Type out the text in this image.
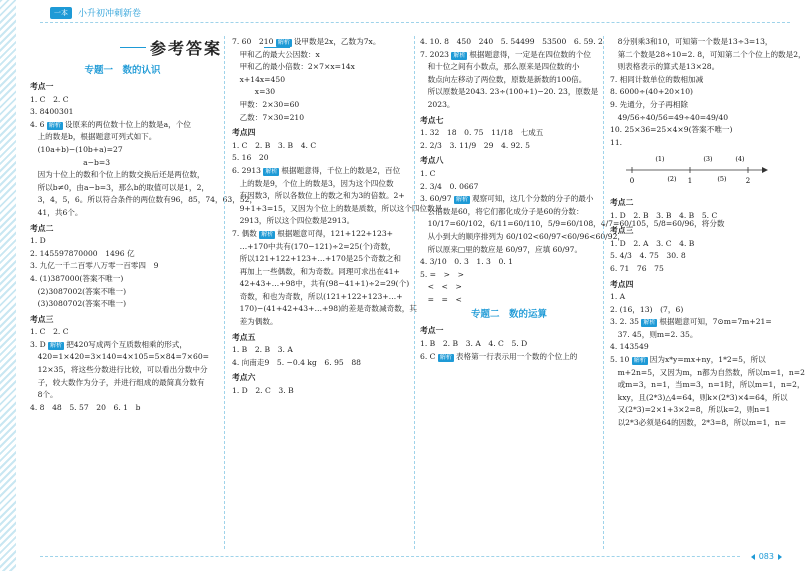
一本	小升初冲刺新卷
专题一　数的认识
考点一
1. C　2. C
3. 8400301
4. 6 解析 设原来的两位数十位上的数是a，个位
　上的数是b，根据题意可列式如下。
　(10a+b)−(10b+a)=27
　　　　　　　a−b=3
　因为十位上的数和个位上的数交换后还是两位数，
　所以b≠0，由a−b=3，那么b的取值可以是1，2，
　3，4，5，6。所以符合条件的两位数有96，85，74，63，52，
　41，共6个。
考点二
1. D
2. 145597870000　1496 亿
3. 九亿一千二百零八万零一百零四　9
4. (1)387000(答案不唯一)
　(2)3087002(答案不唯一)
　(3)3080702(答案不唯一)
考点三
1. C　2. C
3. D 解析 把420写成两个互质数相乘的形式，
　420=1×420=3×140=4×105=5×84=7×60=
　12×35，将这些分数进行比较，可以看出分数中分
　子，较大数作为分子，并进行组成的最简真分数有
　8个。
4. 8　48　5. 57　20　6. 1　b
7. 60　210 解析 设甲数是2x，乙数为7x。
　甲和乙的最大公因数：x
　甲和乙的最小倍数：2×7×x=14x
　x+14x=450
　　　x=30
　甲数：2×30=60
　乙数：7×30=210
考点四
1. C　2. B　3. B　4. C
5. 16　20
6. 2913 解析 根据题意得，千位上的数是2，百位
　上的数是9，个位上的数是3，因为这个四位数
　有因数3，所以各数位上的数之和为3的倍数。2+
　9+1+3=15，又因为个位上的数是质数，所以这个四位数是
　2913，所以这个四位数是2913。
7. 偶数 解析 根据题意可得，121+122+123+
　…+170中共有(170−121)÷2=25(个)奇数，
　所以121+122+123+…+170是25个奇数之和
　再加上一些偶数，和为奇数。同理可求出在41+
　42+43+…+98中，共有(98−41+1)÷2=29(个)
　奇数，和也为奇数，所以(121+122+123+…+
　170)−(41+42+43+…+98)的差是奇数减奇数，其
　差为偶数。
考点五
1. B　2. B　3. A
4. 向南走9　5. −0.4 kg　6. 95　88
考点六
1. D　2. C　3. B
4. 10. 8　450　240　5. 54499　53500　6. 59. 2
7. 2023 解析 根据题意得，一定是在四位数的个位
　和十位之间有小数点，那么原来是四位数的小
　数点向左移动了两位数，原数是新数的100倍。
　所以原数是2043. 23÷(100+1)−20. 23，原数是
　2023。
考点七
1. 32　18　0. 75　11/18　七成五
2. 2/3　3. 11/9　29　4. 92. 5
考点八
1. C
2. 3/4　0. 0667
3. 60/97 解析 观察可知，这几个分数的分子的最小
　公倍数是60，将它们都化成分子是60的分数：
　10/17=60/102，6/11=60/110，5/9=60/108，4/7=60/105，5/8=60/96，将分数
　从小到大的顺序排列为 60/102<60/97<60/96<60/92，
　所以原来□里的数应是 60/97，应填 60/97。
4. 3/10　0. 3　1. 3　0. 1
5. =　>　>
　<　<　>
　=　=　<
专题二　数的运算
考点一
1. B　2. B　3. A　4. C　5. D
6. C 解析 表格第一行表示用一个数的个位上的
　8分别乘3和10，可知第一个数是13÷3=13，
　第二个数是28÷10=2. 8，可知第二个个位上的数是2，
　则表格表示的算式是13×28。
7. 相同计数单位的数相加减
8. 6000÷(40+20×10)
9. 先通分，分子再相除
　49/56÷40/56=49÷40=49/40
10. 25×36=25×4×9(答案不唯一)
11.
0	1	2
(1)	(3)	(4)
(2)	(5)
考点二
1. D　2. B　3. B　4. B　5. C
考点三
1. D　2. A　3. C　4. B
5. 4/3　4. 75　30. 8
6. 71　76　75
考点四
1. A
2. (16，13)　(7，6)
3. 2. 35 解析 根据题意可知，7⊙m=7m+21=
　37. 45，则m=2. 35。
4. 143549
5. 10 解析 因为x*y=mx+ny，1*2=5，所以
　m+2n=5，又因为m，n都为自然数，所以m=1，n=2
　或m=3，n=1，当m=3，n=1时，所以m=1，n=2，
　kxy，且(2*3)△4=64，则k×(2*3)×4=64，所以
　又(2*3)=2×1+3×2=8，所以k=2，则n=1
　以2*3必须是64的因数，2*3=8，所以m=1，n=
参考答案
083
